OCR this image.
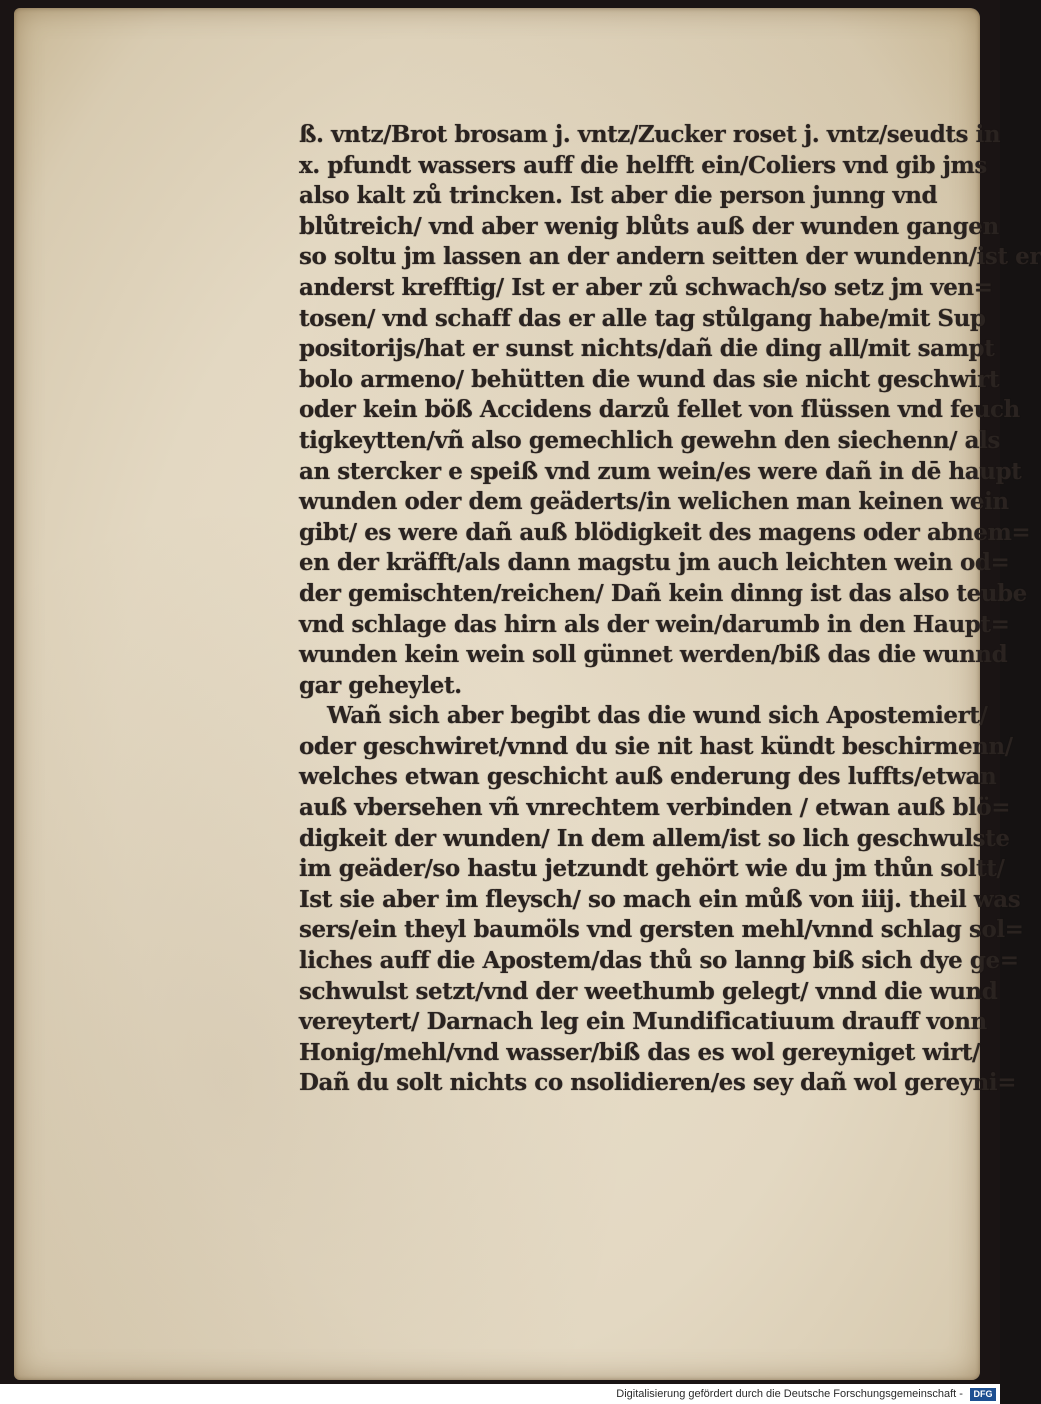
ß. vntz/Brot brosam j. vntz/Zucker roset j. vntz/seudts in
x. pfundt wassers auff die helfft ein/Coliers vnd gib jms
also kalt zů trincken. Ist aber die person junng vnd
blůtreich/ vnd aber wenig blůts auß der wunden gangen
so soltu jm lassen an der andern seitten der wundenn/ist er
anderst krefftig/ Ist er aber zů schwach/so setz jm ven=
tosen/ vnd schaff das er alle tag stůlgang habe/mit Sup
positorijs/hat er sunst nichts/dañ die ding all/mit sampt
bolo armeno/ behütten die wund das sie nicht geschwirt
oder kein böß Accidens darzů fellet von flüssen vnd feuch
tigkeytten/vñ also gemechlich gewehn den siechenn/ als
an stercker e speiß vnd zum wein/es were dañ in dē haupt
wunden oder dem geäderts/in welichen man keinen wein
gibt/ es were dañ auß blödigkeit des magens oder abnem=
en der kräfft/als dann magstu jm auch leichten wein od=
der gemischten/reichen/ Dañ kein dinng ist das also teube
vnd schlage das hirn als der wein/darumb in den Haupt=
wunden kein wein soll günnet werden/biß das die wunnd
gar geheylet.
Wañ sich aber begibt das die wund sich Apostemiert/
oder geschwiret/vnnd du sie nit hast kündt beschirmenn/
welches etwan geschicht auß enderung des luffts/etwan
auß vbersehen vñ vnrechtem verbinden / etwan auß blö=
digkeit der wunden/ In dem allem/ist so lich geschwulste
im geäder/so hastu jetzundt gehört wie du jm thůn soltt/
Ist sie aber im fleysch/ so mach ein můß von iiij. theil was
sers/ein theyl baumöls vnd gersten mehl/vnnd schlag sol=
liches auff die Apostem/das thů so lanng biß sich dye ge=
schwulst setzt/vnd der weethumb gelegt/ vnnd die wund
vereytert/ Darnach leg ein Mundificatiuum drauff vonn
Honig/mehl/vnd wasser/biß das es wol gereyniget wirt/
Dañ du solt nichts co nsolidieren/es sey dañ wol gereyni=
Digitalisierung gefördert durch die Deutsche Forschungsgemeinschaft - DFG
